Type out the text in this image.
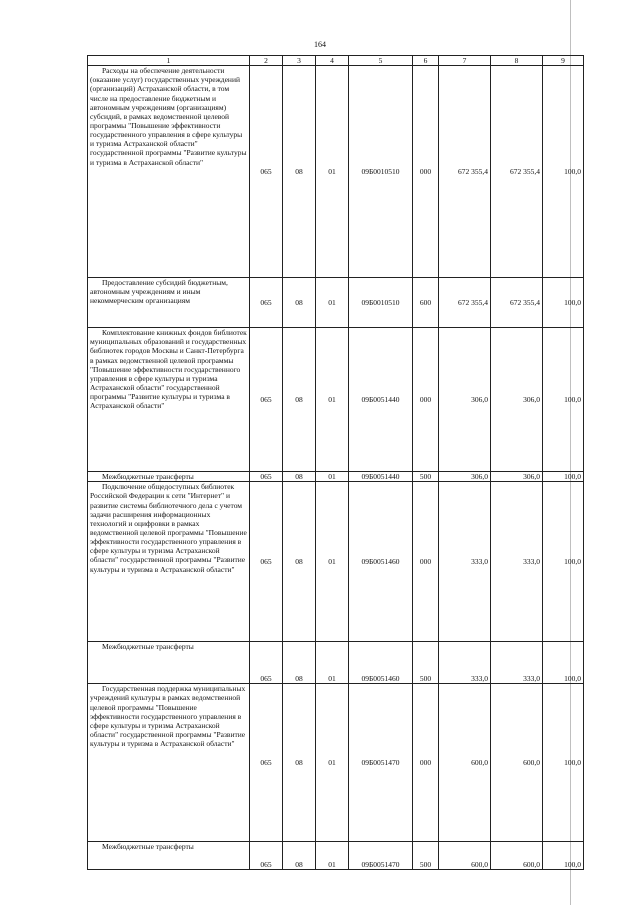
164
1	2	3	4	5	6	7	8	9

Расходы на обеспечение деятельности (оказание услуг) государственных учреждений (организаций) Астраханской области, в том числе на предоставление бюджетным и автономным учреждениям (организациям) субсидий, в рамках ведомственной целевой программы "Повышение эффективности государственного управления в сфере культуры и туризма Астраханской области" государственной программы "Развитие культуры и туризма в Астраханской области"	065	08	01	09Б0010510	000	672 355,4	672 355,4	100,0

Предоставление субсидий бюджетным, автономным учреждениям и иным некоммерческим организациям	065	08	01	09Б0010510	600	672 355,4	672 355,4	100,0

Комплектование книжных фондов библиотек муниципальных образований и государственных библиотек городов Москвы и Санкт-Петербурга в рамках ведомственной целевой программы "Повышение эффективности государственного управления в сфере культуры и туризма Астраханской области" государственной программы "Развитие культуры и туризма в Астраханской области"	065	08	01	09Б0051440	000	306,0	306,0	100,0

Межбюджетные трансферты	065	08	01	09Б0051440	500	306,0	306,0	100,0

Подключение общедоступных библиотек Российской Федерации к сети "Интернет" и развитие системы библиотечного дела с учетом задачи расширения информационных технологий и оцифровки в рамках ведомственной целевой программы "Повышение эффективности государственного управления в сфере культуры и туризма Астраханской области" государственной программы "Развитие культуры и туризма в Астраханской области"	065	08	01	09Б0051460	000	333,0	333,0	100,0

Межбюджетные трансферты	065	08	01	09Б0051460	500	333,0	333,0	100,0

Государственная поддержка муниципальных учреждений культуры в рамках ведомственной целевой программы "Повышение эффективности государственного управления в сфере культуры и туризма Астраханской области" государственной программы "Развитие культуры и туризма в Астраханской области"	065	08	01	09Б0051470	000	600,0	600,0	100,0

Межбюджетные трансферты	065	08	01	09Б0051470	500	600,0	600,0	100,0
